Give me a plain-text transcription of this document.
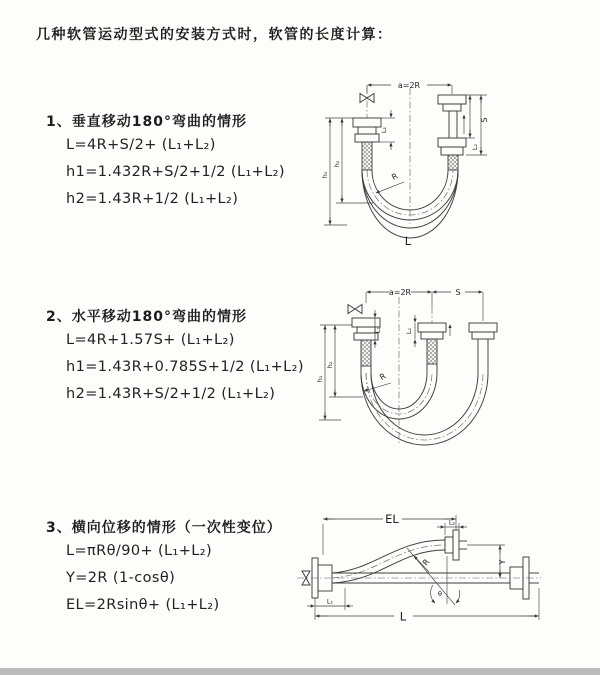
几种软管运动型式的安装方式时，软管的长度计算：
1、垂直移动180°弯曲的情形
L=4R+S/2+ (L₁+L₂)
h1=1.432R+S/2+1/2 (L₁+L₂)
h2=1.43R+1/2 (L₁+L₂)
2、水平移动180°弯曲的情形
L=4R+1.57S+ (L₁+L₂)
h1=1.43R+0.785S+1/2 (L₁+L₂)
h2=1.43R+S/2+1/2 (L₁+L₂)
3、横向位移的情形（一次性变位）
L=πRθ/90+ (L₁+L₂)
Y=2R (1-cosθ)
EL=2Rsinθ+ (L₁+L₂)
a=2R
S
L₂
h₁
h₂
L₁
R
L
a=2R	S
h₁
h₂
L₁	L₂
R
EL	L₂
Y
θ
R
L₁
L
